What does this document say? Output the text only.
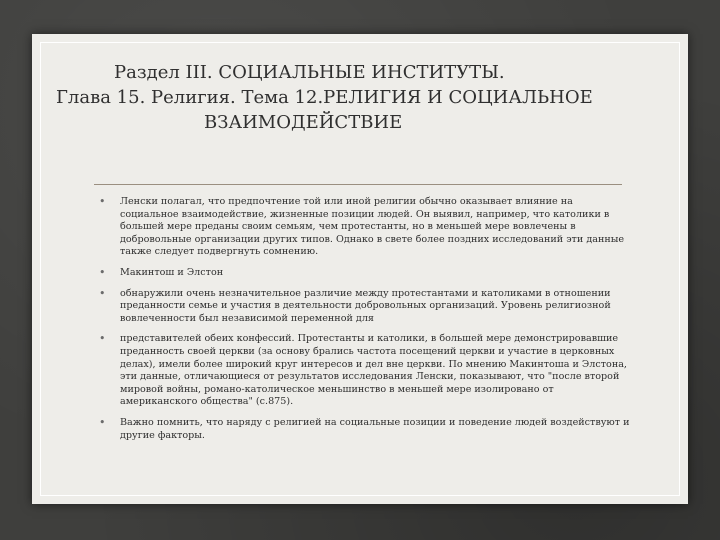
Раздел III. СОЦИАЛЬНЫЕ ИНСТИТУТЫ.
Глава 15. Религия. Тема 12.РЕЛИГИЯ И СОЦИАЛЬНОЕ
ВЗАИМОДЕЙСТВИЕ
• Ленски полагал, что предпочтение той или иной религии обычно оказывает влияние на социальное взаимодействие, жизненные позиции людей. Он выявил, например, что католики в большей мере преданы своим семьям, чем протестанты, но в меньшей мере вовлечены в добровольные организации других типов. Однако в свете более поздних исследований эти данные также следует подвергнуть сомнению.
• Макинтош и Элстон
• обнаружили очень незначительное различие между протестантами и католиками в отношении преданности семье и участия в деятельности добровольных организаций. Уровень религиозной вовлеченности был независимой переменной для
• представителей обеих конфессий. Протестанты и католики, в большей мере демонстрировавшие преданность своей церкви (за основу брались частота посещений церкви и участие в церковных делах), имели более широкий круг интересов и дел вне церкви. По мнению Макинтоша и Элстона, эти данные, отличающиеся от результатов исследования Ленски, показывают, что "после второй мировой войны, романо-католическое меньшинство в меньшей мере изолировано от американского общества" (с.875).
• Важно помнить, что наряду с религией на социальные позиции и поведение людей воздействуют и другие факторы.
